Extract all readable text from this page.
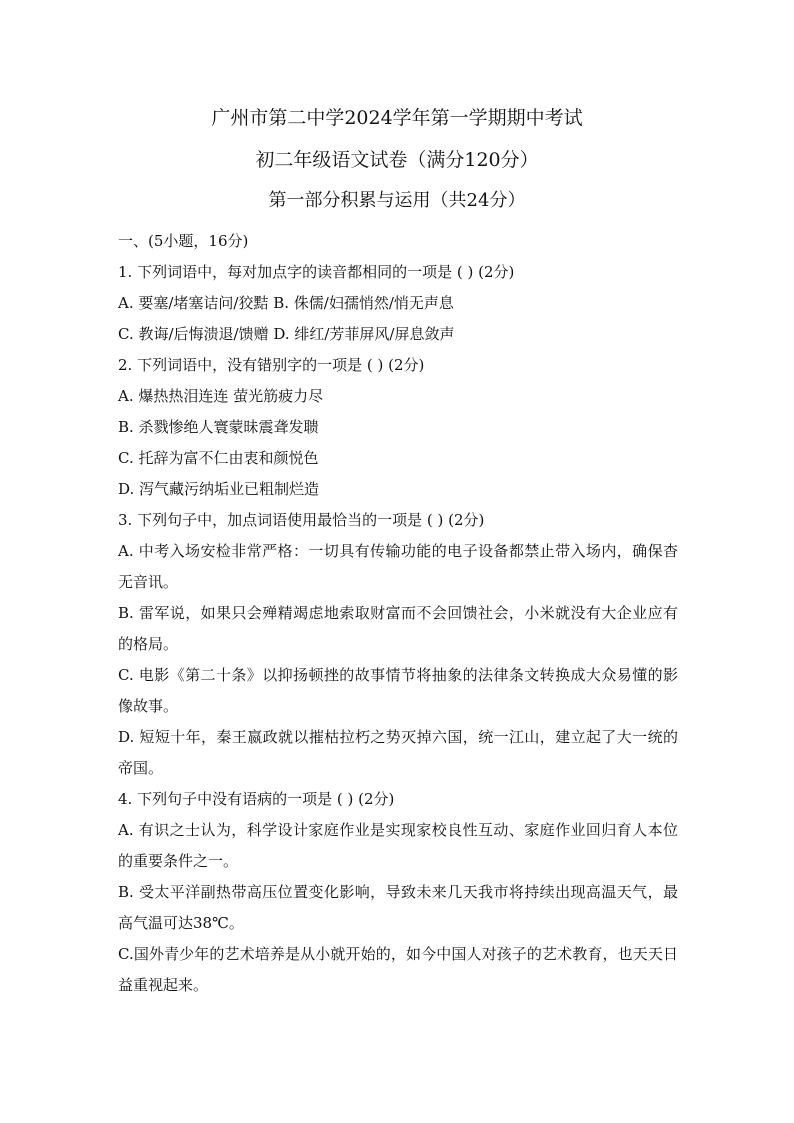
广州市第二中学2024学年第一学期期中考试
初二年级语文试卷（满分120分）
第一部分积累与运用（共24分）

一、(5小题，16分)

1. 下列词语中，每对加点字的读音都相同的一项是 ( ) (2分)

A. 要塞/堵塞诘问/狡黠 B. 侏儒/妇孺悄然/悄无声息

C. 教诲/后悔溃退/馈赠 D. 绯红/芳菲屏风/屏息敛声

2. 下列词语中，没有错别字的一项是 ( ) (2分)

A. 爆热热泪连连 萤光筋疲力尽

B. 杀戮惨绝人寰蒙昧震聋发聩

C. 托辞为富不仁由衷和颜悦色

D. 泻气藏污纳垢业已粗制烂造

3. 下列句子中，加点词语使用最恰当的一项是 ( ) (2分)

A. 中考入场安检非常严格：一切具有传输功能的电子设备都禁止带入场内，确保杳无音讯。

B. 雷军说，如果只会殚精竭虑地索取财富而不会回馈社会，小米就没有大企业应有的格局。

C. 电影《第二十条》以抑扬顿挫的故事情节将抽象的法律条文转换成大众易懂的影像故事。

D. 短短十年，秦王嬴政就以摧枯拉朽之势灭掉六国，统一江山，建立起了大一统的帝国。

4. 下列句子中没有语病的一项是 ( ) (2分)

A. 有识之士认为，科学设计家庭作业是实现家校良性互动、家庭作业回归育人本位的重要条件之一。

B. 受太平洋副热带高压位置变化影响，导致未来几天我市将持续出现高温天气，最高气温可达38℃。

C.国外青少年的艺术培养是从小就开始的，如今中国人对孩子的艺术教育，也天天日益重视起来。
